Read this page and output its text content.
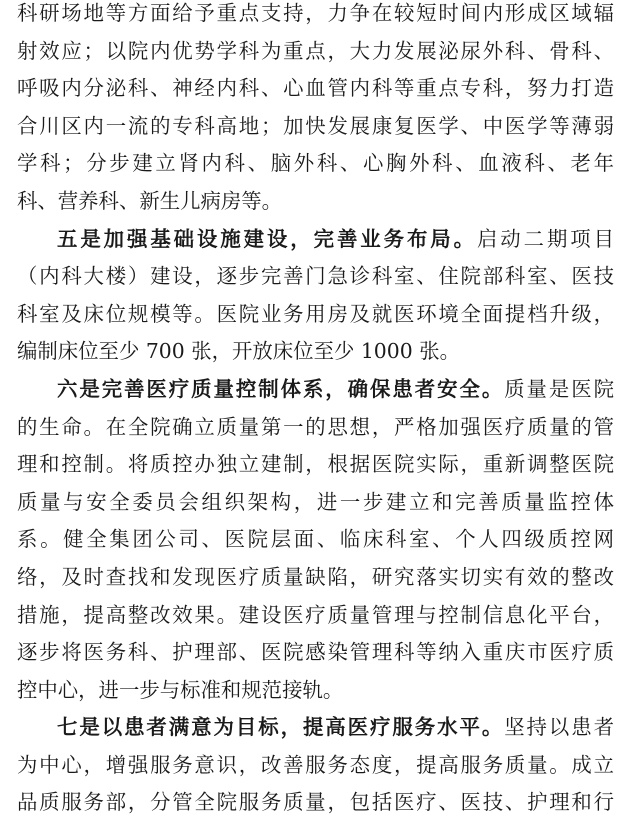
科研场地等方面给予重点支持，力争在较短时间内形成区域辐
射效应；以院内优势学科为重点，大力发展泌尿外科、骨科、
呼吸内分泌科、神经内科、心血管内科等重点专科，努力打造
合川区内一流的专科高地；加快发展康复医学、中医学等薄弱
学科；分步建立肾内科、脑外科、心胸外科、血液科、老年
科、营养科、新生儿病房等。
五是加强基础设施建设，完善业务布局。启动二期项目
（内科大楼）建设，逐步完善门急诊科室、住院部科室、医技
科室及床位规模等。医院业务用房及就医环境全面提档升级，
编制床位至少 700 张，开放床位至少 1000 张。
六是完善医疗质量控制体系，确保患者安全。质量是医院
的生命。在全院确立质量第一的思想，严格加强医疗质量的管
理和控制。将质控办独立建制，根据医院实际，重新调整医院
质量与安全委员会组织架构，进一步建立和完善质量监控体
系。健全集团公司、医院层面、临床科室、个人四级质控网
络，及时查找和发现医疗质量缺陷，研究落实切实有效的整改
措施，提高整改效果。建设医疗质量管理与控制信息化平台，
逐步将医务科、护理部、医院感染管理科等纳入重庆市医疗质
控中心，进一步与标准和规范接轨。
七是以患者满意为目标，提高医疗服务水平。坚持以患者
为中心，增强服务意识，改善服务态度，提高服务质量。成立
品质服务部，分管全院服务质量，包括医疗、医技、护理和行
